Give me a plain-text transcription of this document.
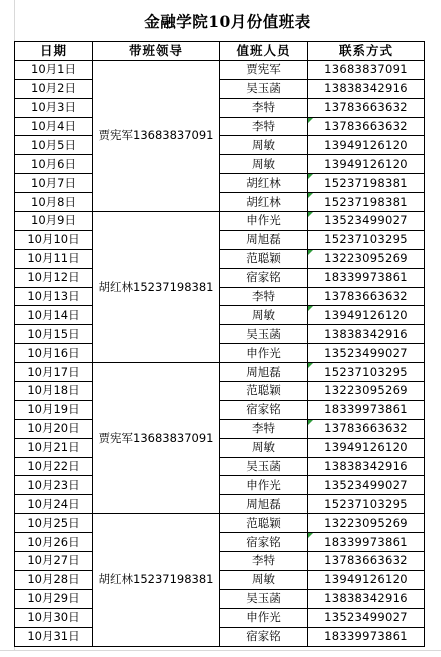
金融学院10月份值班表
日期	带班领导	值班人员	联系方式
10月1日	贾宪军13683837091	贾宪军	13683837091
10月2日		吴玉菡	13838342916
10月3日		李特	13783663632
10月4日		李特	13783663632
10月5日		周敏	13949126120
10月6日		周敏	13949126120
10月7日		胡红林	15237198381
10月8日		胡红林	15237198381
10月9日	胡红林15237198381	申作光	13523499027
10月10日		周旭磊	15237103295
10月11日		范聪颖	13223095269
10月12日		宿家铭	18339973861
10月13日		李特	13783663632
10月14日		周敏	13949126120
10月15日		吴玉菡	13838342916
10月16日		申作光	13523499027
10月17日	贾宪军13683837091	周旭磊	15237103295
10月18日		范聪颖	13223095269
10月19日		宿家铭	18339973861
10月20日		李特	13783663632
10月21日		周敏	13949126120
10月22日		吴玉菡	13838342916
10月23日		申作光	13523499027
10月24日		周旭磊	15237103295
10月25日	胡红林15237198381	范聪颖	13223095269
10月26日		宿家铭	18339973861
10月27日		李特	13783663632
10月28日		周敏	13949126120
10月29日		吴玉菡	13838342916
10月30日		申作光	13523499027
10月31日		宿家铭	18339973861
